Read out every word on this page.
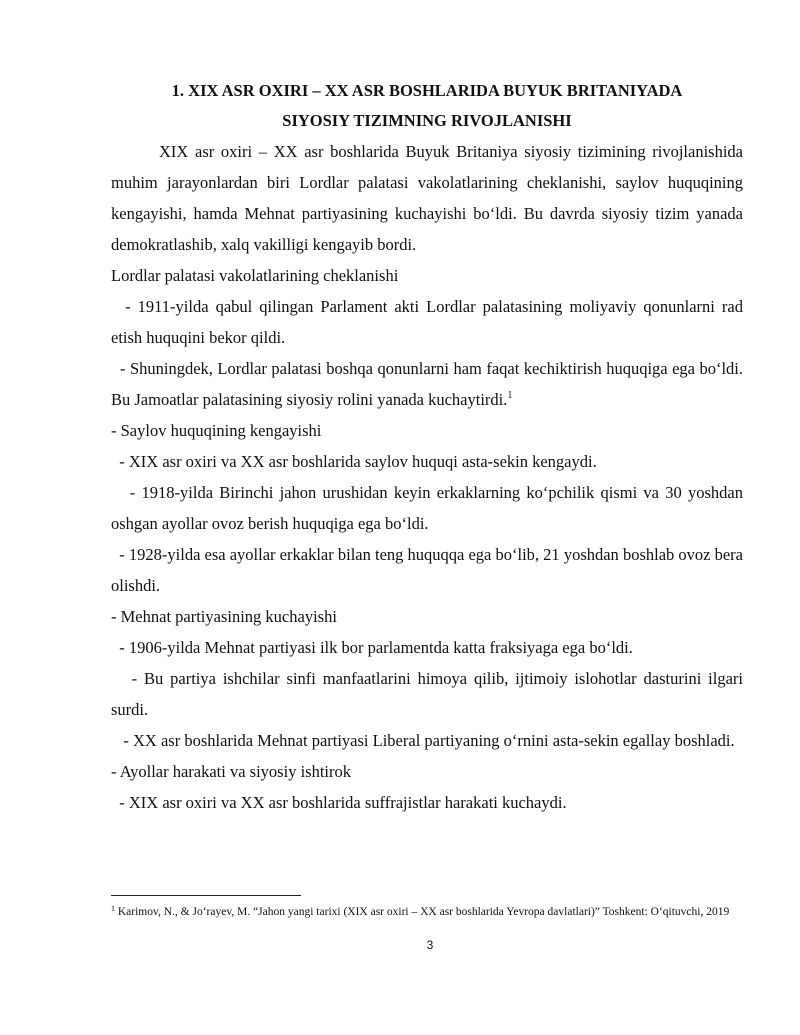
1. XIX ASR OXIRI – XX ASR BOSHLARIDA BUYUK BRITANIYADA
SIYOSIY TIZIMNING RIVOJLANISHI

XIX asr oxiri – XX asr boshlarida Buyuk Britaniya siyosiy tizimining rivojlanishida muhim jarayonlardan biri Lordlar palatasi vakolatlarining cheklanishi, saylov huquqining kengayishi, hamda Mehnat partiyasining kuchayishi bo‘ldi. Bu davrda siyosiy tizim yanada demokratlashib, xalq vakilligi kengayib bordi.

Lordlar palatasi vakolatlarining cheklanishi

- 1911-yilda qabul qilingan Parlament akti Lordlar palatasining moliyaviy qonunlarni rad etish huquqini bekor qildi.

- Shuningdek, Lordlar palatasi boshqa qonunlarni ham faqat kechiktirish huquqiga ega bo‘ldi. Bu Jamoatlar palatasining siyosiy rolini yanada kuchaytirdi.$^1$

- Saylov huquqining kengayishi

- XIX asr oxiri va XX asr boshlarida saylov huquqi asta-sekin kengaydi.

- 1918-yilda Birinchi jahon urushidan keyin erkaklarning ko‘pchilik qismi va 30 yoshdan oshgan ayollar ovoz berish huquqiga ega bo‘ldi.

- 1928-yilda esa ayollar erkaklar bilan teng huquqqa ega bo‘lib, 21 yoshdan boshlab ovoz bera olishdi.

- Mehnat partiyasining kuchayishi

- 1906-yilda Mehnat partiyasi ilk bor parlamentda katta fraksiyaga ega bo‘ldi.

- Bu partiya ishchilar sinfi manfaatlarini himoya qilib, ijtimoiy islohotlar dasturini ilgari surdi.

- XX asr boshlarida Mehnat partiyasi Liberal partiyaning o‘rnini asta-sekin egallay boshladi.

- Ayollar harakati va siyosiy ishtirok

- XIX asr oxiri va XX asr boshlarida suffrajistlar harakati kuchaydi.

$^1$ Karimov, N., & Jo‘rayev, M. “Jahon yangi tarixi (XIX asr oxiri – XX asr boshlarida Yevropa davlatlari)” Toshkent: O‘qituvchi, 2019

3
